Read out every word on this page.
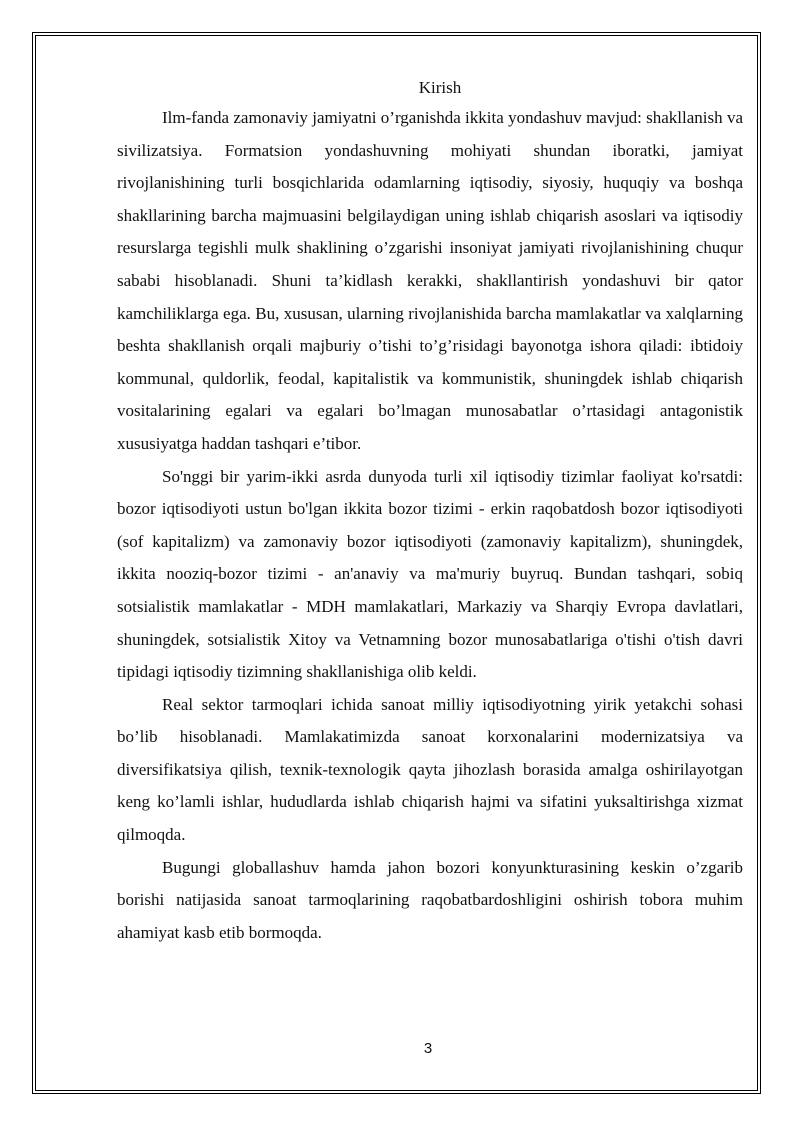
Kirish

Ilm-fanda zamonaviy jamiyatni o’rganishda ikkita yondashuv mavjud: shakllanish va sivilizatsiya. Formatsion yondashuvning mohiyati shundan iboratki, jamiyat rivojlanishining turli bosqichlarida odamlarning iqtisodiy, siyosiy, huquqiy va boshqa shakllarining barcha majmuasini belgilaydigan uning ishlab chiqarish asoslari va iqtisodiy resurslarga tegishli mulk shaklining o’zgarishi insoniyat jamiyati rivojlanishining chuqur sababi hisoblanadi. Shuni ta’kidlash kerakki, shakllantirish yondashuvi bir qator kamchiliklarga ega. Bu, xususan, ularning rivojlanishida barcha mamlakatlar va xalqlarning beshta shakllanish orqali majburiy o’tishi to’g’risidagi bayonotga ishora qiladi: ibtidoiy kommunal, quldorlik, feodal, kapitalistik va kommunistik, shuningdek ishlab chiqarish vositalarining egalari va egalari bo’lmagan munosabatlar o’rtasidagi antagonistik xususiyatga haddan tashqari e’tibor.

So'nggi bir yarim-ikki asrda dunyoda turli xil iqtisodiy tizimlar faoliyat ko'rsatdi: bozor iqtisodiyoti ustun bo'lgan ikkita bozor tizimi - erkin raqobatdosh bozor iqtisodiyoti (sof kapitalizm) va zamonaviy bozor iqtisodiyoti (zamonaviy kapitalizm), shuningdek, ikkita nooziq-bozor tizimi - an'anaviy va ma'muriy buyruq. Bundan tashqari, sobiq sotsialistik mamlakatlar - MDH mamlakatlari, Markaziy va Sharqiy Evropa davlatlari, shuningdek, sotsialistik Xitoy va Vetnamning bozor munosabatlariga o'tishi o'tish davri tipidagi iqtisodiy tizimning shakllanishiga olib keldi.

Real sektor tarmoqlari ichida sanoat milliy iqtisodiyotning yirik yetakchi sohasi bo’lib hisoblanadi. Mamlakatimizda sanoat korxonalarini modernizatsiya va diversifikatsiya qilish, texnik-texnologik qayta jihozlash borasida amalga oshirilayotgan keng ko’lamli ishlar, hududlarda ishlab chiqarish hajmi va sifatini yuksaltirishga xizmat qilmoqda.

Bugungi globallashuv hamda jahon bozori konyunkturasining keskin o’zgarib borishi natijasida sanoat tarmoqlarining raqobatbardoshligini oshirish tobora muhim ahamiyat kasb etib bormoqda.

3
